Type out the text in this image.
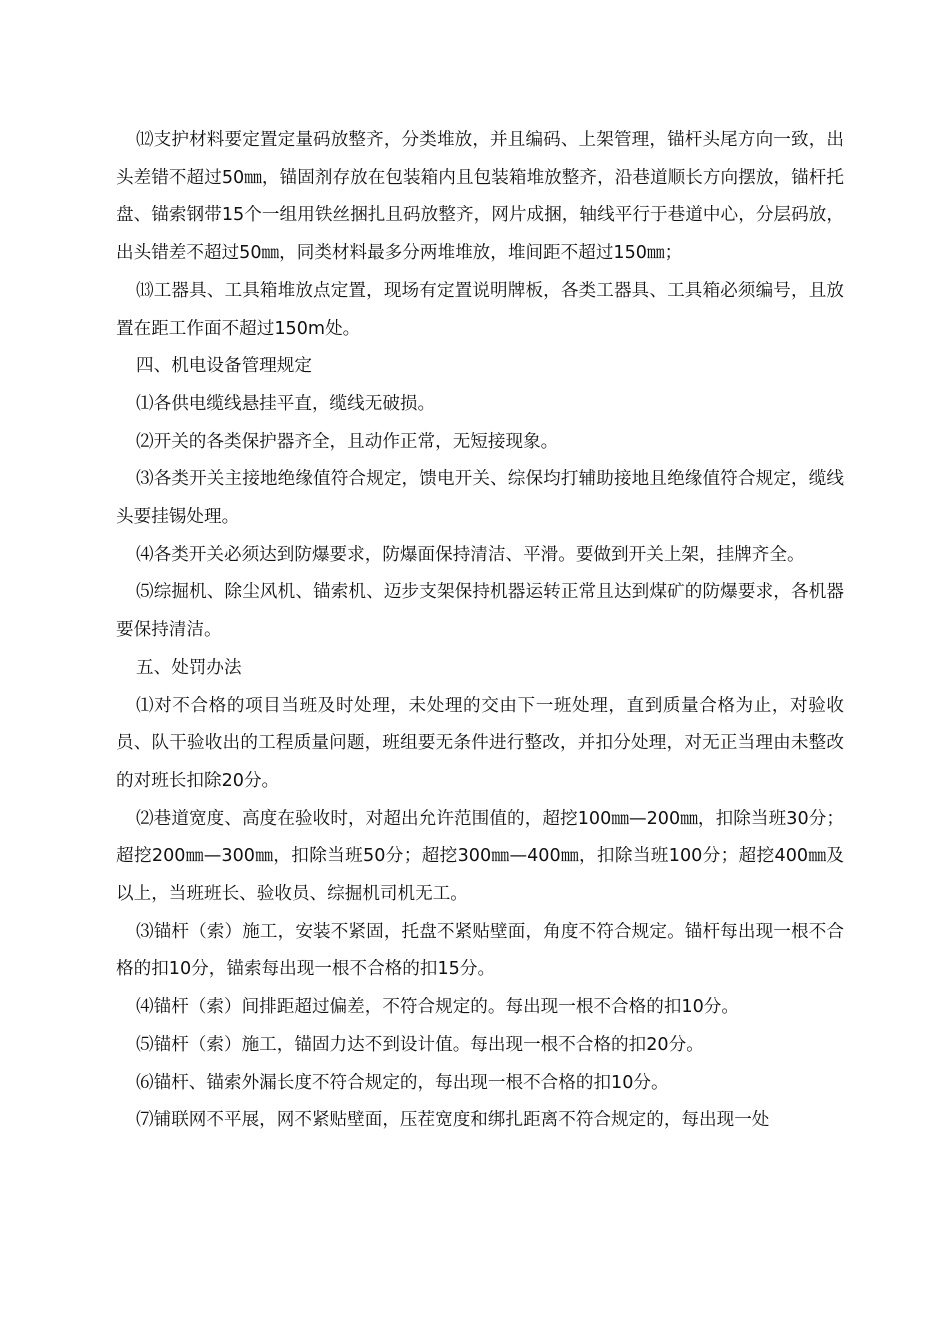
⑿支护材料要定置定量码放整齐，分类堆放，并且编码、上架管理，锚杆头尾方向一致，出头差错不超过50㎜，锚固剂存放在包装箱内且包装箱堆放整齐，沿巷道顺长方向摆放，锚杆托盘、锚索钢带15个一组用铁丝捆扎且码放整齐，网片成捆，轴线平行于巷道中心，分层码放，出头错差不超过50㎜，同类材料最多分两堆堆放，堆间距不超过150㎜；

⒀工器具、工具箱堆放点定置，现场有定置说明牌板，各类工器具、工具箱必须编号，且放置在距工作面不超过150m处。

四、机电设备管理规定

⑴各供电缆线悬挂平直，缆线无破损。

⑵开关的各类保护器齐全，且动作正常，无短接现象。

⑶各类开关主接地绝缘值符合规定，馈电开关、综保均打辅助接地且绝缘值符合规定，缆线头要挂锡处理。

⑷各类开关必须达到防爆要求，防爆面保持清洁、平滑。要做到开关上架，挂牌齐全。

⑸综掘机、除尘风机、锚索机、迈步支架保持机器运转正常且达到煤矿的防爆要求，各机器要保持清洁。

五、处罚办法

⑴对不合格的项目当班及时处理，未处理的交由下一班处理，直到质量合格为止，对验收员、队干验收出的工程质量问题，班组要无条件进行整改，并扣分处理，对无正当理由未整改的对班长扣除20分。

⑵巷道宽度、高度在验收时，对超出允许范围值的，超挖100㎜—200㎜，扣除当班30分；超挖200㎜—300㎜，扣除当班50分；超挖300㎜—400㎜，扣除当班100分；超挖400㎜及以上，当班班长、验收员、综掘机司机无工。

⑶锚杆（索）施工，安装不紧固，托盘不紧贴壁面，角度不符合规定。锚杆每出现一根不合格的扣10分，锚索每出现一根不合格的扣15分。

⑷锚杆（索）间排距超过偏差，不符合规定的。每出现一根不合格的扣10分。

⑸锚杆（索）施工，锚固力达不到设计值。每出现一根不合格的扣20分。

⑹锚杆、锚索外漏长度不符合规定的，每出现一根不合格的扣10分。

⑺铺联网不平展，网不紧贴壁面，压茬宽度和绑扎距离不符合规定的，每出现一处
